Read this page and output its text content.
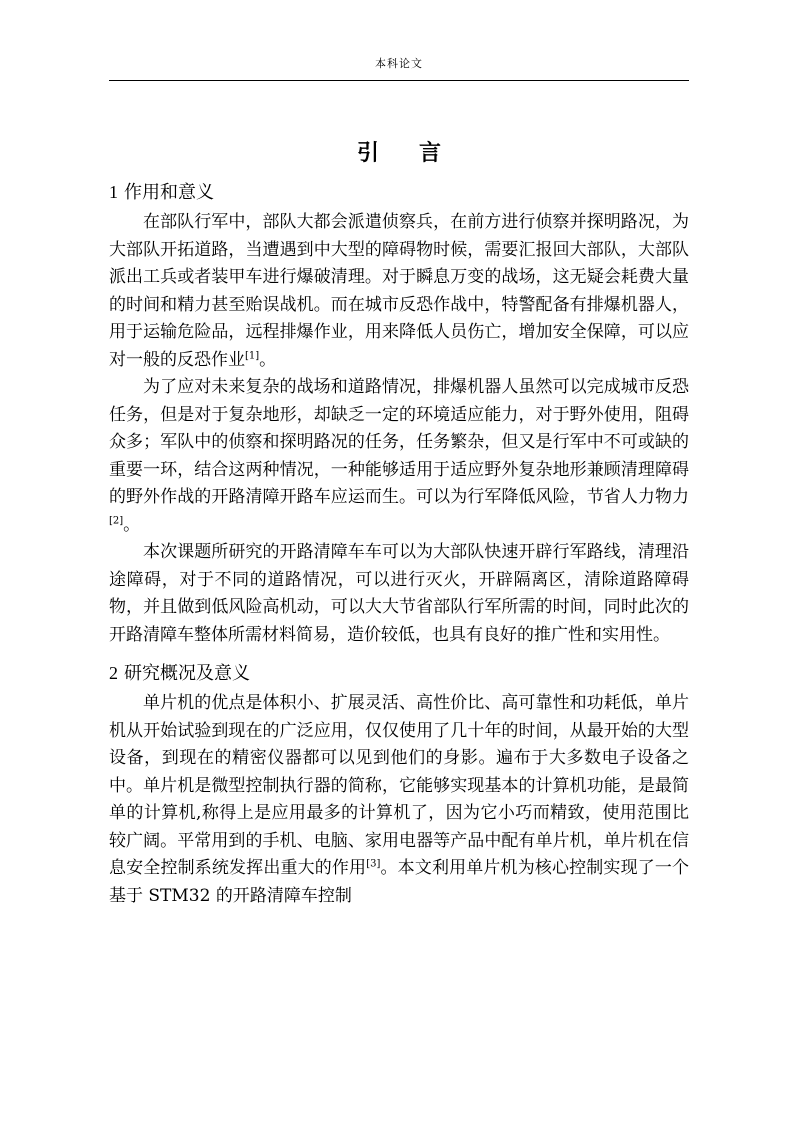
本科论文
引言
1 作用和意义

在部队行军中，部队大都会派遣侦察兵，在前方进行侦察并探明路况，为大部队开拓道路，当遭遇到中大型的障碍物时候，需要汇报回大部队，大部队派出工兵或者装甲车进行爆破清理。对于瞬息万变的战场，这无疑会耗费大量的时间和精力甚至贻误战机。而在城市反恐作战中，特警配备有排爆机器人，用于运输危险品，远程排爆作业，用来降低人员伤亡，增加安全保障，可以应对一般的反恐作业[1]。

为了应对未来复杂的战场和道路情况，排爆机器人虽然可以完成城市反恐任务，但是对于复杂地形，却缺乏一定的环境适应能力，对于野外使用，阻碍众多；军队中的侦察和探明路况的任务，任务繁杂，但又是行军中不可或缺的重要一环，结合这两种情况，一种能够适用于适应野外复杂地形兼顾清理障碍的野外作战的开路清障开路车应运而生。可以为行军降低风险，节省人力物力[2]。

本次课题所研究的开路清障车车可以为大部队快速开辟行军路线，清理沿途障碍，对于不同的道路情况，可以进行灭火，开辟隔离区，清除道路障碍物，并且做到低风险高机动，可以大大节省部队行军所需的时间，同时此次的开路清障车整体所需材料简易，造价较低，也具有良好的推广性和实用性。

2 研究概况及意义

单片机的优点是体积小、扩展灵活、高性价比、高可靠性和功耗低，单片机从开始试验到现在的广泛应用，仅仅使用了几十年的时间，从最开始的大型设备，到现在的精密仪器都可以见到他们的身影。遍布于大多数电子设备之中。单片机是微型控制执行器的简称，它能够实现基本的计算机功能，是最简单的计算机,称得上是应用最多的计算机了，因为它小巧而精致，使用范围比较广阔。平常用到的手机、电脑、家用电器等产品中配有单片机，单片机在信息安全控制系统发挥出重大的作用[3]。本文利用单片机为核心控制实现了一个基于 STM32 的开路清障车控制
